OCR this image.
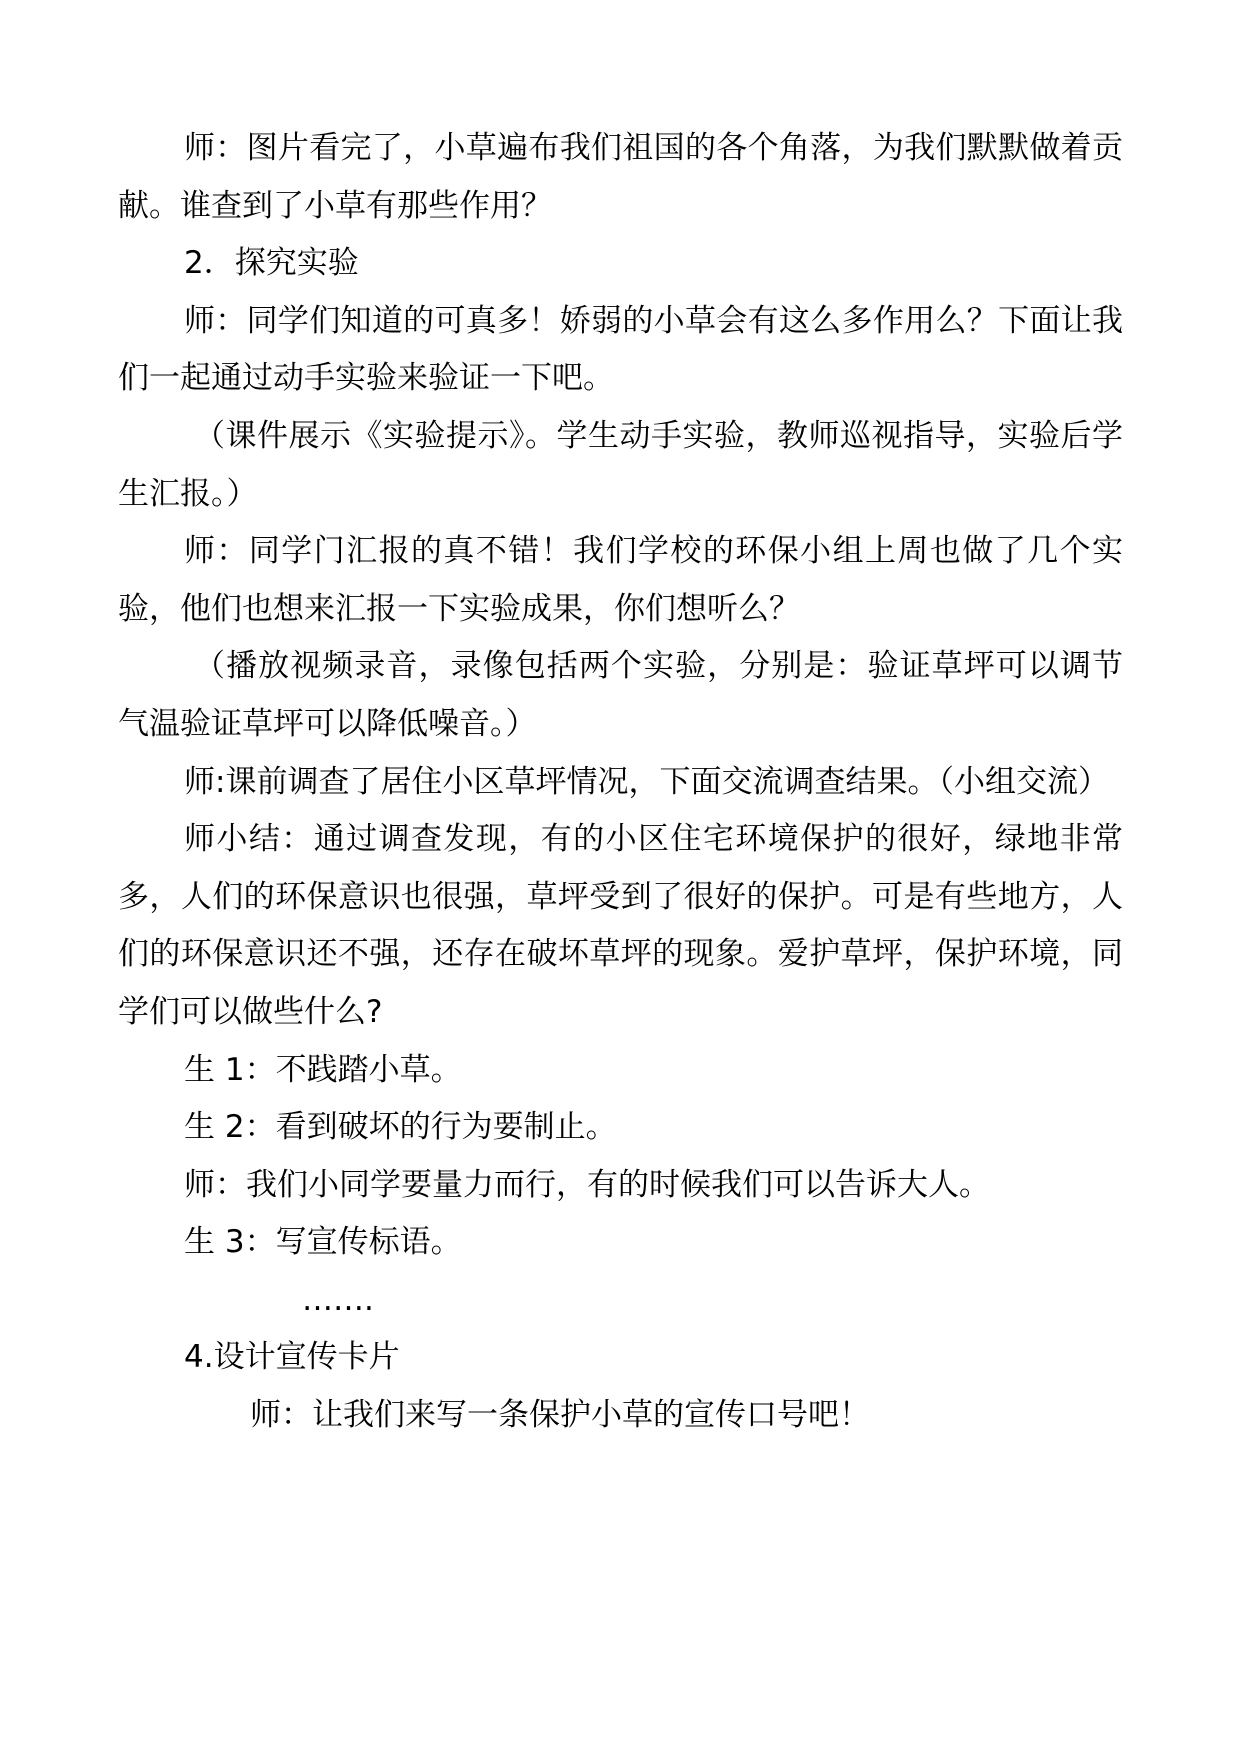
师：图片看完了，小草遍布我们祖国的各个角落，为我们默默做着贡献。谁查到了小草有那些作用？

2．探究实验

师：同学们知道的可真多！娇弱的小草会有这么多作用么？下面让我们一起通过动手实验来验证一下吧。

（课件展示《实验提示》。学生动手实验，教师巡视指导，实验后学生汇报。）

师：同学门汇报的真不错！我们学校的环保小组上周也做了几个实验，他们也想来汇报一下实验成果，你们想听么？

（播放视频录音，录像包括两个实验，分别是：验证草坪可以调节气温验证草坪可以降低噪音。）

师:课前调查了居住小区草坪情况，下面交流调查结果。（小组交流）

师小结：通过调查发现，有的小区住宅环境保护的很好，绿地非常多，人们的环保意识也很强，草坪受到了很好的保护。可是有些地方，人们的环保意识还不强，还存在破坏草坪的现象。爱护草坪，保护环境，同学们可以做些什么?

生 1：不践踏小草。

生 2：看到破坏的行为要制止。

师：我们小同学要量力而行，有的时候我们可以告诉大人。

生 3：写宣传标语。

…….

4.设计宣传卡片

师：让我们来写一条保护小草的宣传口号吧！
